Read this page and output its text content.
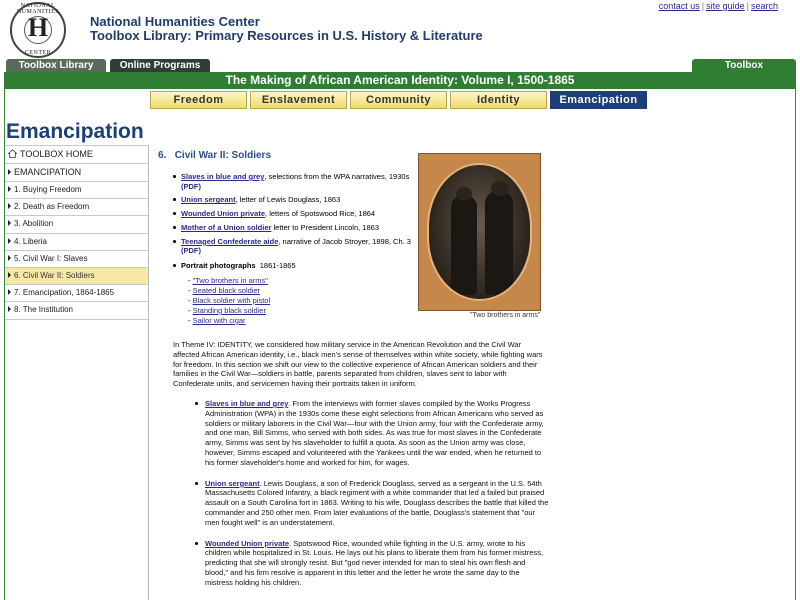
NATIONAL HUMANITIES
H
CENTER
National Humanities Center
Toolbox Library: Primary Resources in U.S. History & Literature
contact us | site guide | search
Toolbox Library	Online Programs	Toolbox
The Making of African American Identity: Volume I, 1500-1865
Freedom	Enslavement	Community	Identity	Emancipation
Emancipation
TOOLBOX HOME
EMANCIPATION
1. Buying Freedom
2. Death as Freedom
3. Abolition
4. Liberia
5. Civil War I: Slaves
6. Civil War II: Soldiers
7. Emancipation, 1864-1865
8. The Institution
6. Civil War II: Soldiers
Slaves in blue and grey, selections from the WPA narratives, 1930s (PDF)
Union sergeant, letter of Lewis Douglass, 1863
Wounded Union private, letters of Spotswood Rice, 1864
Mother of a Union soldier letter to President Lincoln, 1863
Teenaged Confederate aide, narrative of Jacob Stroyer, 1898, Ch. 3 (PDF)
Portrait photographs 1861-1865
- "Two brothers in arms"
- Seated black soldier
- Black soldier with pistol
- Standing black soldier
- Sailor with cigar
"Two brothers in arms"
In Theme IV: IDENTITY, we considered how military service in the American Revolution and the Civil War affected African American identity, i.e., black men's sense of themselves within white society, while fighting wars for freedom. In this section we shift our view to the collective experience of African American soldiers and their families in the Civil War—soldiers in battle, parents separated from children, slaves sent to labor with Confederate units, and servicemen having their portraits taken in uniform.
Slaves in blue and grey. From the interviews with former slaves compiled by the Works Progress Administration (WPA) in the 1930s come these eight selections from African Americans who served as soldiers or military laborers in the Civil War—four with the Union army, four with the Confederate army, and one man, Bill Simms, who served with both sides. As was true for most slaves in the Confederate army, Simms was sent by his slaveholder to fulfill a quota. As soon as the Union army was close, however, Simms escaped and volunteered with the Yankees until the war ended, when he returned to his former slaveholder's home and worked for him, for wages.
Union sergeant. Lewis Douglass, a son of Frederick Douglass, served as a sergeant in the U.S. 54th Massachusetts Colored Infantry, a black regiment with a white commander that led a failed but praised assault on a South Carolina fort in 1863. Writing to his wife, Douglass describes the battle that killed the commander and 250 other men. From later evaluations of the battle, Douglass's statement that "our men fought well" is an understatement.
Wounded Union private. Spotswood Rice, wounded while fighting in the U.S. army, wrote to his children while hospitalized in St. Louis. He lays out his plans to liberate them from his former mistress, predicting that she will strongly resist. But "god never intended for man to steal his own flesh and blood," and his firm resolve is apparent in this letter and the letter he wrote the same day to the mistress holding his children.
